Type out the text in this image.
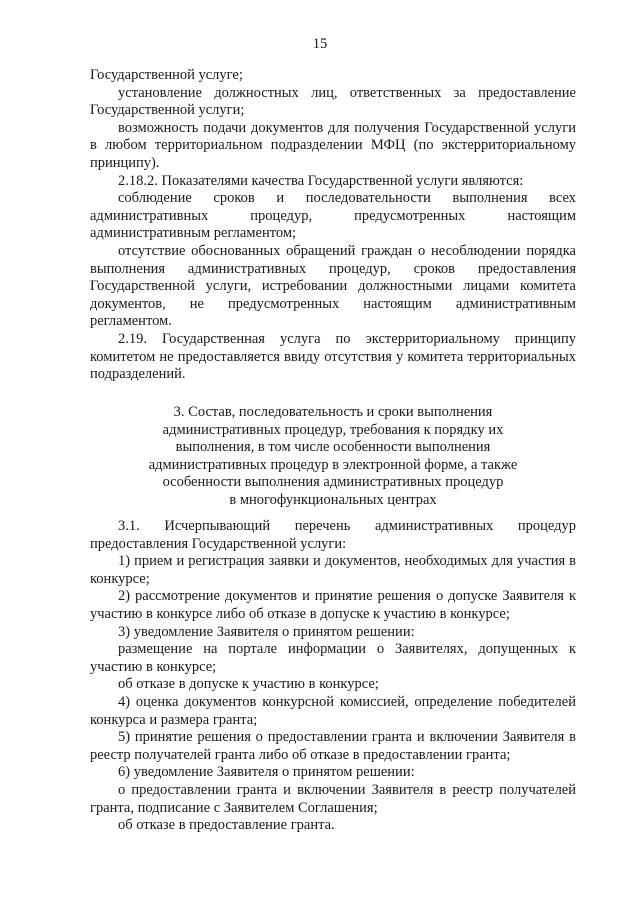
15

Государственной услуге;

установление должностных лиц, ответственных за предоставление Государственной услуги;

возможность подачи документов для получения Государственной услуги в любом территориальном подразделении МФЦ (по экстерриториальному принципу).

2.18.2. Показателями качества Государственной услуги являются:

соблюдение сроков и последовательности выполнения всех административных процедур, предусмотренных настоящим административным регламентом;

отсутствие обоснованных обращений граждан о несоблюдении порядка выполнения административных процедур, сроков предоставления Государственной услуги, истребовании должностными лицами комитета документов, не предусмотренных настоящим административным регламентом.

2.19. Государственная услуга по экстерриториальному принципу комитетом не предоставляется ввиду отсутствия у комитета территориальных подразделений.

3. Состав, последовательность и сроки выполнения

административных процедур, требования к порядку их

выполнения, в том числе особенности выполнения

административных процедур в электронной форме, а также

особенности выполнения административных процедур

в многофункциональных центрах

3.1. Исчерпывающий перечень административных процедур предоставления Государственной услуги:

1) прием и регистрация заявки и документов, необходимых для участия в конкурсе;

2) рассмотрение документов и принятие решения о допуске Заявителя к участию в конкурсе либо об отказе в допуске к участию в конкурсе;

3) уведомление Заявителя о принятом решении:

размещение на портале информации о Заявителях, допущенных к участию в конкурсе;

об отказе в допуске к участию в конкурсе;

4) оценка документов конкурсной комиссией, определение победителей конкурса и размера гранта;

5) принятие решения о предоставлении гранта и включении Заявителя в реестр получателей гранта либо об отказе в предоставлении гранта;

6) уведомление Заявителя о принятом решении:

о предоставлении гранта и включении Заявителя в реестр получателей гранта, подписание с Заявителем Соглашения;

об отказе в предоставление гранта.
